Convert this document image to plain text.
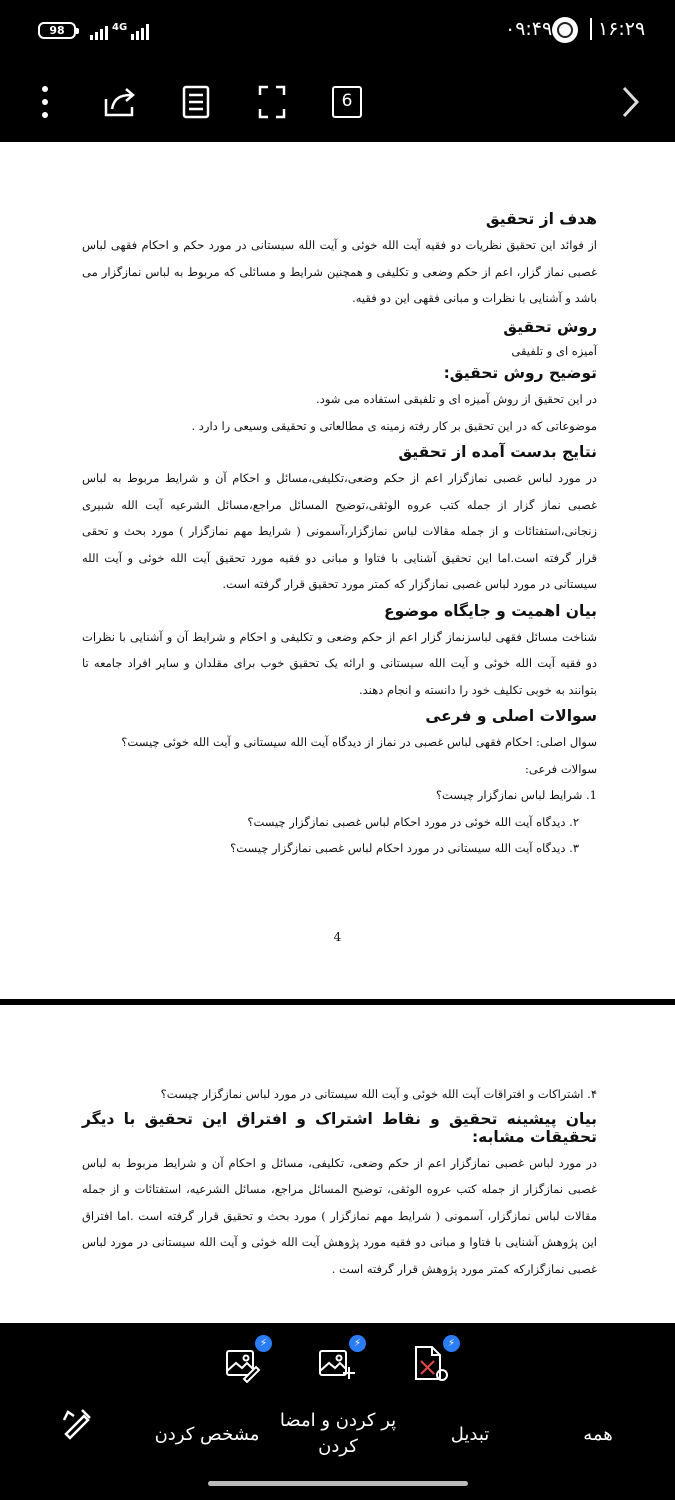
98	4G	۰۹:۴۹	۱۶:۲۹
6

هدف از تحقیق

از فوائد این تحقیق نظریات دو فقیه آیت الله خوئی و آیت الله سیستانی در مورد حکم و احکام فقهی لباس غصبی نماز گزار، اعم از حکم وضعی و تکلیفی و همچنین شرایط و مسائلی که مربوط به لباس نمازگزار می باشد و آشنایی با نظرات و مبانی فقهی این دو فقیه.

روش تحقیق

آمیزه ای و تلفیقی

توضیح روش تحقیق:

در این تحقیق از روش آمیزه ای و تلفیقی استفاده می شود.

موضوعاتی که در این تحقیق بر کار رفته زمینه ی مطالعاتی و تحقیقی وسیعی را دارد .

نتایج بدست آمده از تحقیق

در مورد لباس غصبی نمازگزار اعم از حکم وضعی،تکلیفی،مسائل و احکام آن و شرایط مربوط به لباس غصبی نماز گزار از جمله کتب عروه الوثقی،توضیح المسائل مراجع،مسائل الشرعیه آیت الله شبیری زنجانی،استفتائات و از جمله مقالات لباس نمازگزار،آسمونی ( شرایط مهم نمازگزار ) مورد بحث و تحقی قرار گرفته است.اما این تحقیق آشنایی با فتاوا و مبانی دو فقیه مورد تحقیق آیت الله خوئی و آیت الله سیستانی در مورد لباس غصبی نمازگزار که کمتر مورد تحقیق قرار گرفته است.

بیان اهمیت و جایگاه موضوع

شناخت مسائل فقهی لباسزنماز گزار اعم از حکم وضعی و تکلیفی و احکام و شرایط آن و آشنایی با نظرات دو فقیه آیت الله خوئی و آیت الله سیستانی و ارائه یک تحقیق خوب برای مقلدان و سایر افراد جامعه تا بتوانند به خوبی تکلیف خود را دانسته و انجام دهند.

سوالات اصلی و فرعی

سوال اصلی: احکام فقهی لباس غصبی در نماز از دیدگاه آیت الله سیستانی و آیت الله خوئی چیست؟

سوالات فرعی:

1. شرایط لباس نمازگزار چیست؟

۲. دیدگاه آیت الله خوئی در مورد احکام لباس غصبی نمازگزار چیست؟

۳. دیدگاه آیت الله سیستانی در مورد احکام لباس غصبی نمازگزار چیست؟

4

۴. اشتراکات و افتراقات آیت الله خوئی و آیت الله سیستانی در مورد لباس نمازگزار چیست؟

بیان پیشینه تحقیق و نقاط اشتراک و افتراق این تحقیق با دیگر تحقیقات مشابه:

در مورد لباس غصبی نمازگزار اعم از حکم وضعی، تکلیفی، مسائل و احکام آن و شرایط مربوط به لباس غصبی نمازگزار از جمله کتب عروه الوثقی، توضیح المسائل مراجع، مسائل الشرعیه، استفتائات و از جمله مقالات لباس نمازگزار، آسمونی ( شرایط مهم نمازگزار ) مورد بحث و تحقیق قرار گرفته است .اما افتراق این پژوهش آشنایی با فتاوا و مبانی دو فقیه مورد پژوهش آیت الله خوئی و آیت الله سیستانی در مورد لباس غصبی نمازگزارکه کمتر مورد پژوهش قرار گرفته است .

⚡	⚡	⚡
مشخص کردن
پر کردن و امضا کردن
تبدیل	همه
